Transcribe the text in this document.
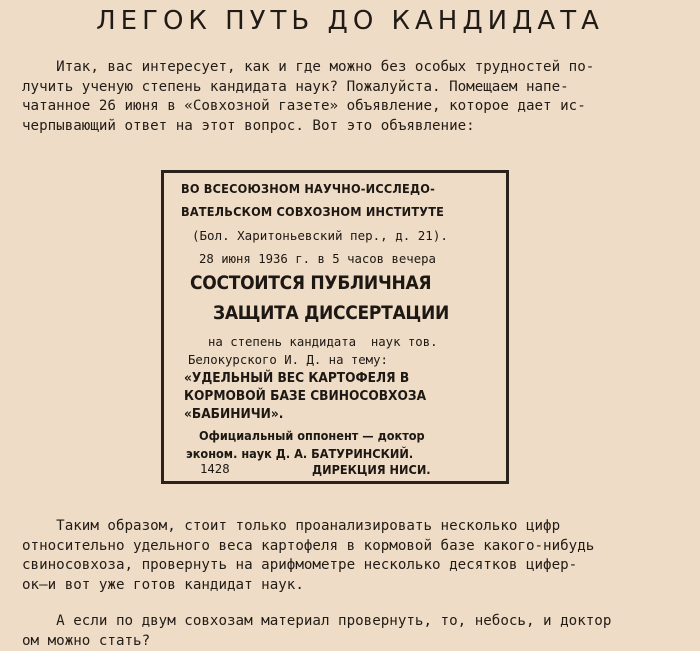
ЛЕГОК ПУТЬ ДО КАНДИДАТА
Итак, вас интересует, как и где можно без особых трудностей по-
лучить ученую степень кандидата наук? Пожалуйста. Помещаем напе-
чатанное 26 июня в «Совхозной газете» объявление, которое дает ис-
черпывающий ответ на этот вопрос. Вот это объявление:
ВО ВСЕСОЮЗНОМ НАУЧНО-ИССЛЕДО-
ВАТЕЛЬСКОМ СОВХОЗНОМ ИНСТИТУТЕ
(Бол. Харитоньевский пер., д. 21).
28 июня 1936 г. в 5 часов вечера
СОСТОИТСЯ ПУБЛИЧНАЯ
ЗАЩИТА ДИССЕРТАЦИИ
на степень кандидата  наук тов.
Белокурского И. Д. на тему:
«УДЕЛЬНЫЙ ВЕС КАРТОФЕЛЯ В
КОРМОВОЙ БАЗЕ СВИНОСОВХОЗА
«БАБИНИЧИ».
Официальный оппонент — доктор
эконом. наук Д. А. БАТУРИНСКИЙ.
1428	ДИРЕКЦИЯ НИСИ.
Таким образом, стоит только проанализировать несколько цифр
относительно удельного веса картофеля в кормовой базе какого-нибудь
свиносовхоза, провернуть на арифмометре несколько десятков цифер-
ок—и вот уже готов кандидат наук.
А если по двум совхозам материал провернуть, то, небось, и доктор
ом можно стать?
